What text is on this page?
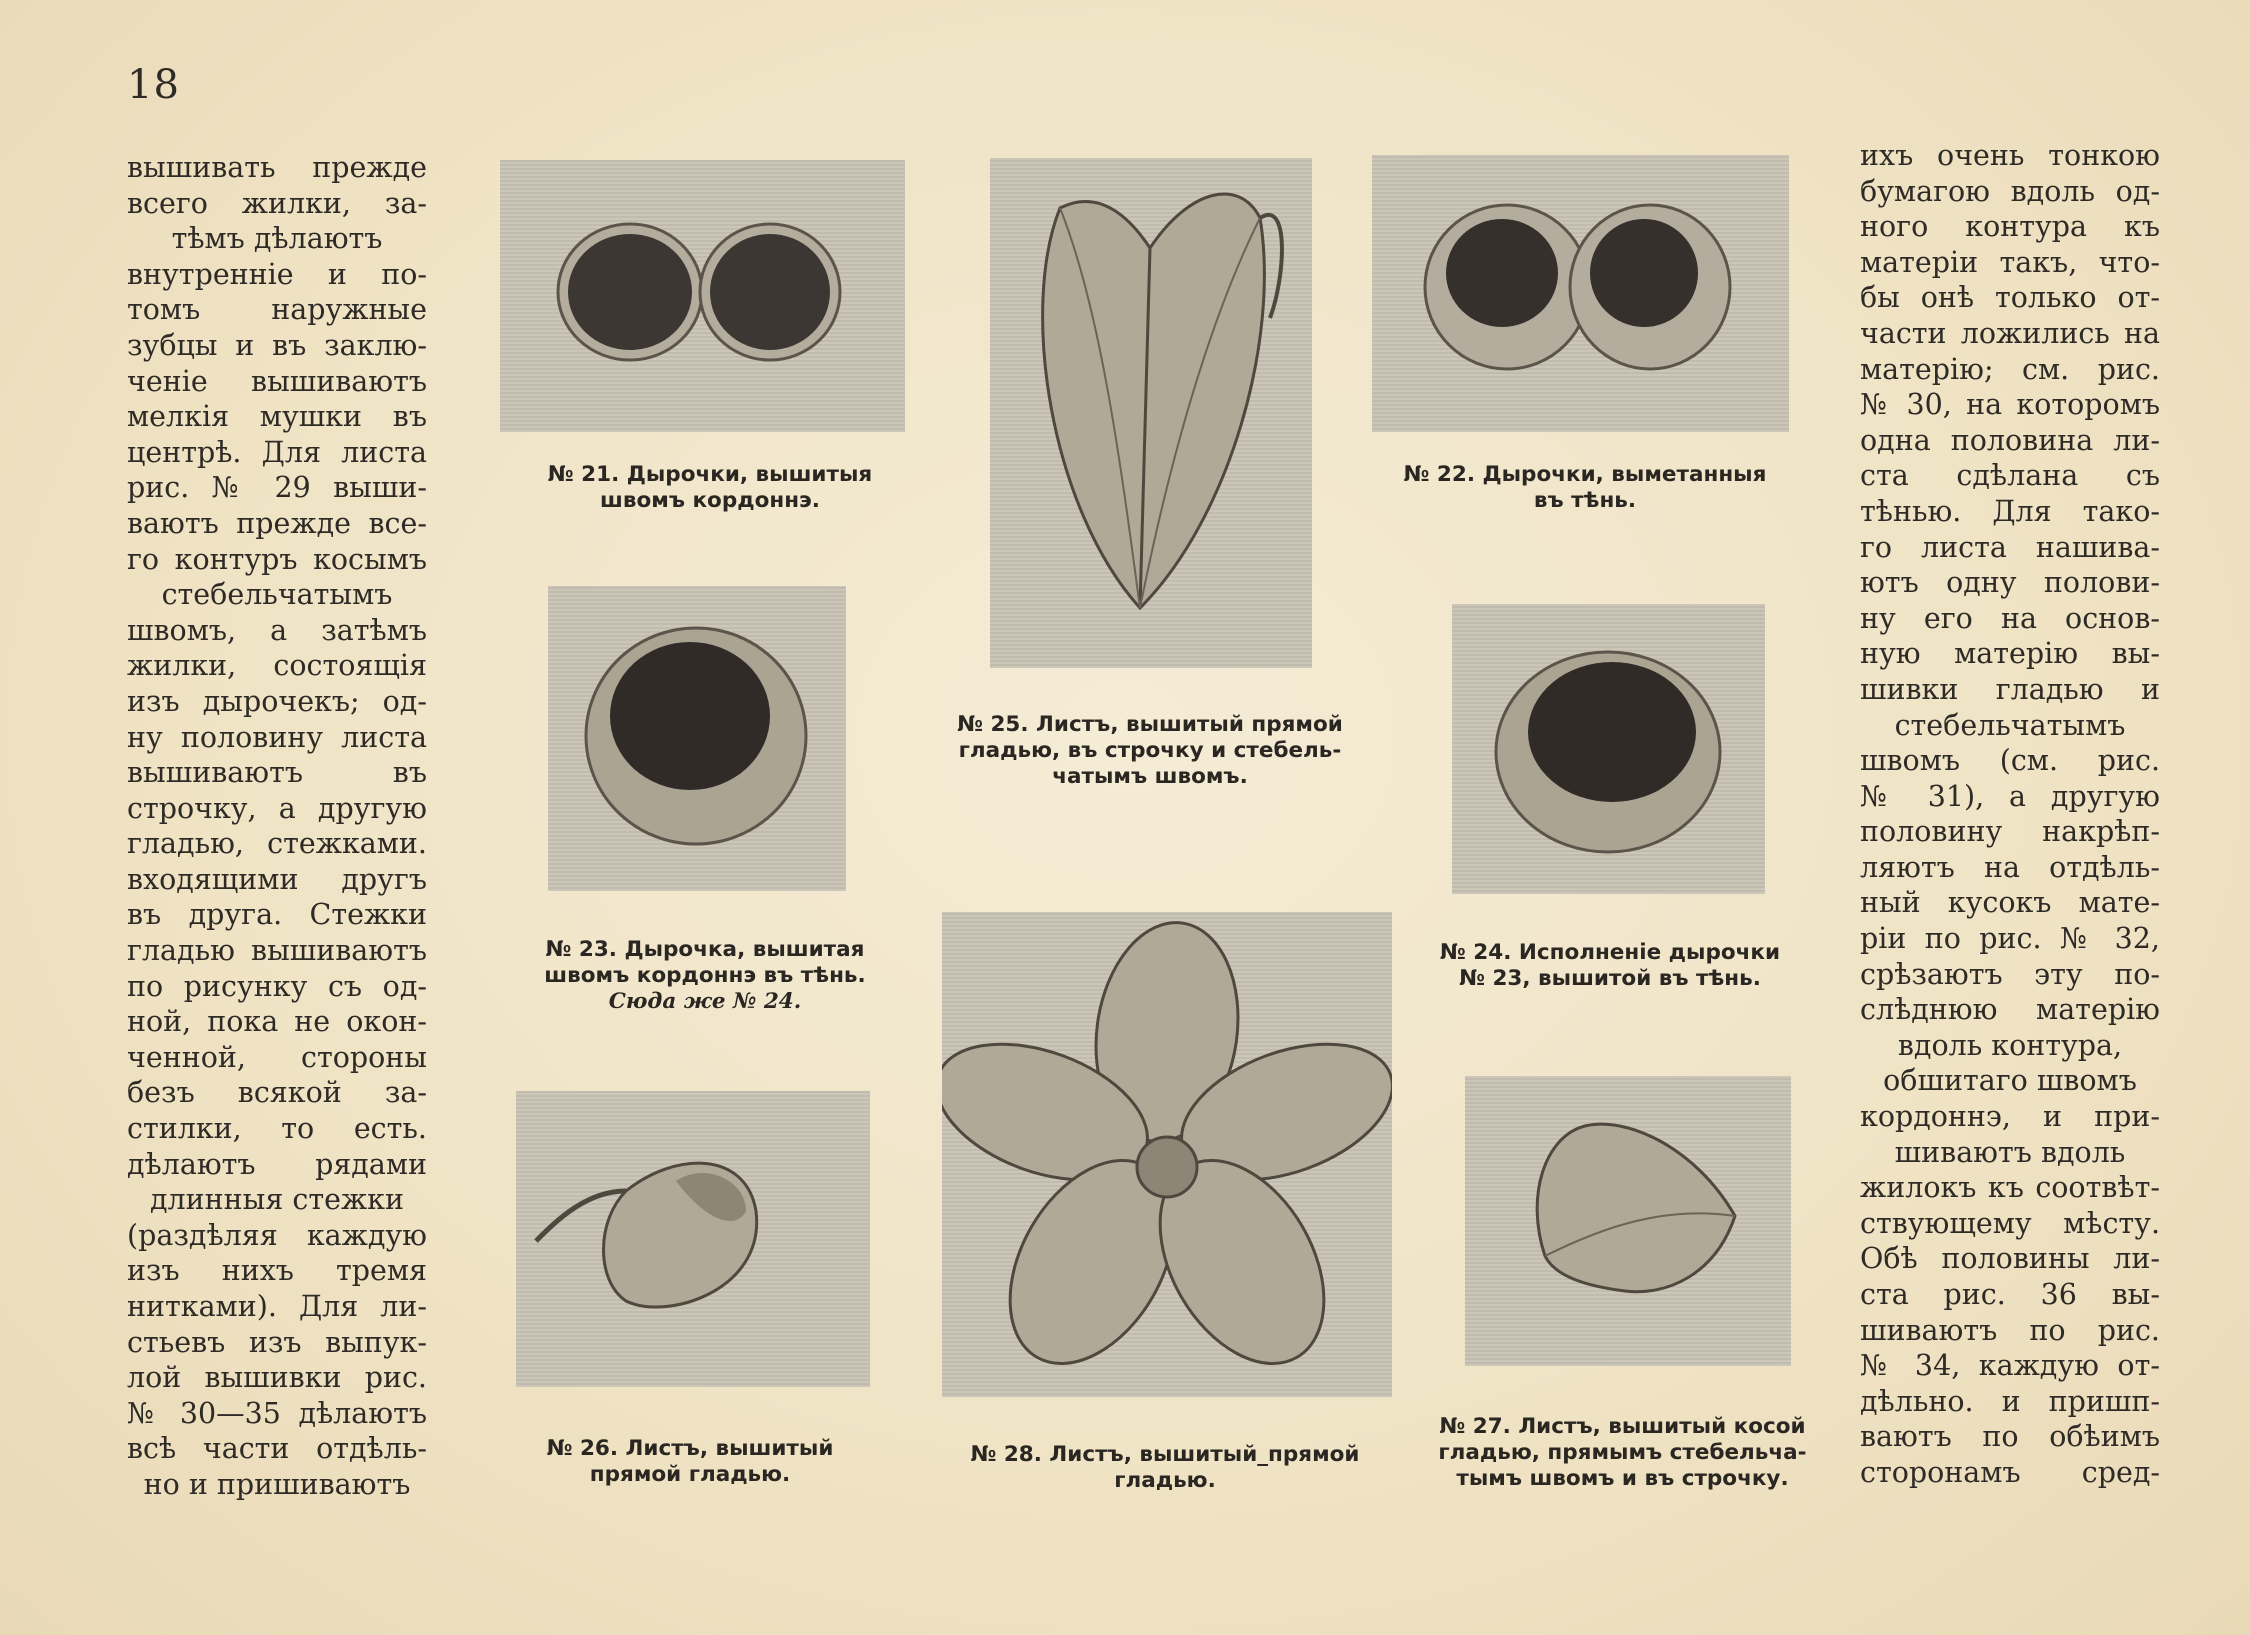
18
вышивать прежде
всего жилки, за-
тѣмъ дѣлаютъ
внутренніе и по-
томъ наружные
зубцы и въ заклю-
ченіе вышиваютъ
мелкія мушки въ
центрѣ. Для листа
рис. № 29 выши-
ваютъ прежде все-
го контуръ косымъ
стебельчатымъ
швомъ, а затѣмъ
жилки, состоящія
изъ дырочекъ; од-
ну половину листа
вышиваютъ въ
строчку, а другую
гладью, стежками.
входящими другъ
въ друга. Стежки
гладью вышиваютъ
по рисунку съ од-
ной, пока не окон-
ченной, стороны
безъ всякой за-
стилки, то есть.
дѣлаютъ рядами
длинныя стежки
(раздѣляя каждую
изъ нихъ тремя
нитками). Для ли-
стьевъ изъ выпук-
лой вышивки рис.
№ 30—35 дѣлаютъ
всѣ части отдѣль-
но и пришиваютъ
ихъ очень тонкою
бумагою вдоль од-
ного контура къ
матеріи такъ, что-
бы онѣ только от-
части ложились на
матерію; см. рис.
№ 30, на которомъ
одна половина ли-
ста сдѣлана съ
тѣнью. Для тако-
го листа нашива-
ютъ одну полови-
ну его на основ-
ную матерію вы-
шивки гладью и
стебельчатымъ
швомъ (см. рис.
№ 31), а другую
половину накрѣп-
ляютъ на отдѣль-
ный кусокъ мате-
ріи по рис. № 32,
срѣзаютъ эту по-
слѣднюю матерію
вдоль контура,
обшитаго швомъ
кордоннэ, и при-
шиваютъ вдоль
жилокъ къ соотвѣт-
ствующему мѣсту.
Обѣ половины ли-
ста рис. 36 вы-
шиваютъ по рис.
№ 34, каждую от-
дѣльно. и пришп-
ваютъ по обѣимъ
сторонамъ сред-
№ 21. Дырочки, вышитыя
швомъ кордоннэ.
№ 25. Листъ, вышитый прямой
гладью, въ строчку и стебель-
чатымъ швомъ.
№ 22. Дырочки, выметанныя
въ тѣнь.
№ 23. Дырочка, вышитая
швомъ кордоннэ въ тѣнь.
Сюда же № 24.
№ 24. Исполненіе дырочки
№ 23, вышитой въ тѣнь.
№ 26. Листъ, вышитый
прямой гладью.
№ 28. Листъ, вышитый_прямой
гладью.
№ 27. Листъ, вышитый косой
гладью, прямымъ стебельча-
тымъ швомъ и въ строчку.
